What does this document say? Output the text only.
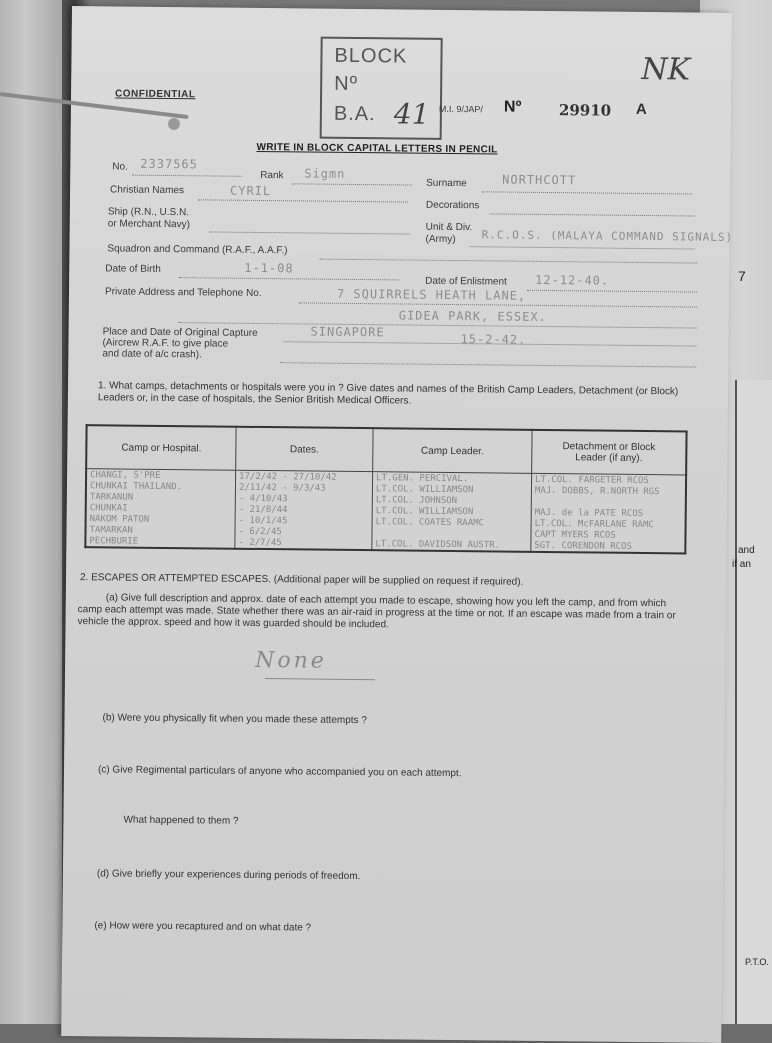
and
if an
7
P.T.O.
CONFIDENTIAL
BLOCK
Nº
B.A. 41 M.I. 9/JAP/ Nº 29910 A
NK
WRITE IN BLOCK CAPITAL LETTERS IN PENCIL
No. 2337565
Rank Sigmn
Surname	NORTHCOTT
Christian Names	CYRIL
Decorations
Ship (R.N., U.S.N.
or Merchant Navy)	Unit & Div.
(Army)	R.C.O.S. (MALAYA COMMAND SIGNALS)
Squadron and Command (R.A.F., A.A.F.)
Date of Birth	1-1-08
Date of Enlistment 12-12-40.
Private Address and Telephone No.	7 SQUIRRELS HEATH LANE,
GIDEA PARK, ESSEX.
Place and Date of Original Capture
(Aircrew R.A.F. to give place
and date of a/c crash).
SINGAPORE
15-2-42.
1. What camps, detachments or hospitals were you in ? Give dates and names of the British Camp Leaders, Detachment (or Block) Leaders or, in the case of hospitals, the Senior British Medical Officers.
Camp or Hospital.	Dates.	Camp Leader.	Detachment or Block
Leader (if any).
CHANGI, S'PRE	17/2/42 - 27/10/42	LT.GEN. PERCIVAL.	LT.COL. FARGETER RCOS
CHUNKAI THAILAND.	2/11/42 - 9/3/43	LT.COL. WILLIAMSON	MAJ. DOBBS, R.NORTH RGS
TARKANUN	- 4/10/43	LT.COL. JOHNSON	
CHUNKAI	- 21/8/44	LT.COL. WILLIAMSON	MAJ. de la PATE RCOS
NAKOM PATON	- 10/1/45	LT.COL. COATES RAAMC	LT.COL. McFARLANE RAMC
TAMARKAN	- 6/2/45		CAPT MYERS RCOS
PECHBURIE	- 2/7/45	LT.COL. DAVIDSON AUSTR.	SGT. CORENDON RCOS
2. ESCAPES OR ATTEMPTED ESCAPES. (Additional paper will be supplied on request if required).
(a) Give full description and approx. date of each attempt you made to escape, showing how you left the camp, and from which camp each attempt was made. State whether there was an air-raid in progress at the time or not. If an escape was made from a train or vehicle the approx. speed and how it was guarded should be included.
None
(b) Were you physically fit when you made these attempts ?
(c) Give Regimental particulars of anyone who accompanied you on each attempt.
What happened to them ?
(d) Give briefly your experiences during periods of freedom.
(e) How were you recaptured and on what date ?
